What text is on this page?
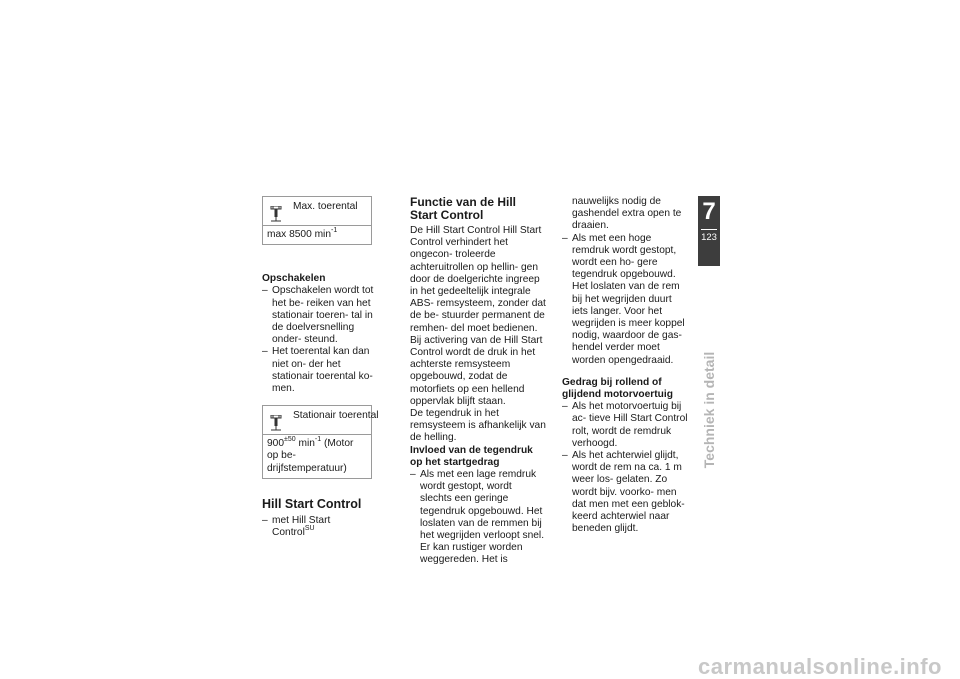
Max. toerental
max 8500 $\min^{-1}$

Opschakelen

– Opschakelen wordt tot het be- reiken van het stationair toeren- tal in de doelversnelling onder- steund.
– Het toerental kan dan niet on- der het stationair toerental ko- men.
Stationair toerental
$900^{\pm 50}$ $\min^{-1}$ (Motor op be- drijfstemperatuur)

Hill Start Control

– met Hill Start Control$^{SU}$

Functie van de Hill Start Control

De Hill Start Control Hill Start Control verhindert het ongecon- troleerde achteruitrollen op hellin- gen door de doelgerichte ingreep in het gedeeltelijk integrale ABS- remsysteem, zonder dat de be- stuurder permanent de remhen- del moet bedienen. Bij activering van de Hill Start Control wordt de druk in het achterste remsysteem opgebouwd, zodat de motorfiets op een hellend oppervlak blijft staan.

De tegendruk in het remsysteem is afhankelijk van de helling.

Invloed van de tegendruk op het startgedrag

– Als met een lage remdruk wordt gestopt, wordt slechts een geringe tegendruk opgebouwd. Het loslaten van de remmen bij het wegrijden verloopt snel. Er kan rustiger worden weggereden. Het is

nauwelijks nodig de gashendel extra open te draaien.

– Als met een hoge remdruk wordt gestopt, wordt een ho- gere tegendruk opgebouwd. Het loslaten van de rem bij het wegrijden duurt iets langer. Voor het wegrijden is meer koppel nodig, waardoor de gas- hendel verder moet worden opengedraaid.

Gedrag bij rollend of glijdend motorvoertuig

– Als het motorvoertuig bij ac- tieve Hill Start Control rolt, wordt de remdruk verhoogd.
– Als het achterwiel glijdt, wordt de rem na ca. 1 m weer los- gelaten. Zo wordt bijv. voorko- men dat men met een geblok- keerd achterwiel naar beneden glijdt.
7
123
Techniek in detail
carmanualsonline.info
